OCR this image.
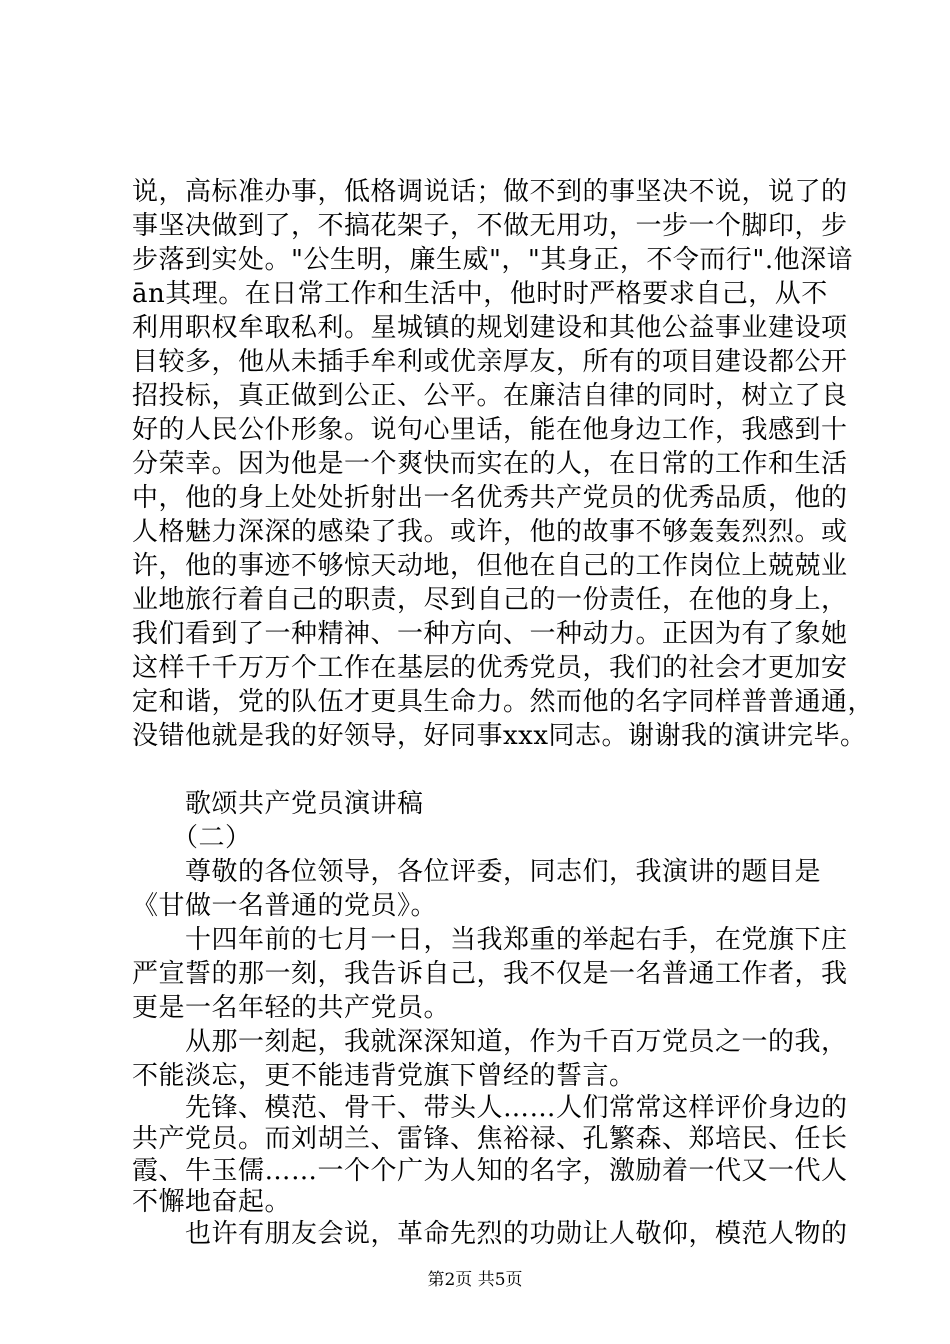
说，高标准办事，低格调说话；做不到的事坚决不说，说了的
事坚决做到了，不搞花架子，不做无用功，一步一个脚印，步
步落到实处。"公生明，廉生威"，"其身正，不令而行".他深谙
ān其理。在日常工作和生活中，他时时严格要求自己，从不
利用职权牟取私利。星城镇的规划建设和其他公益事业建设项
目较多，他从未插手牟利或优亲厚友，所有的项目建设都公开
招投标，真正做到公正、公平。在廉洁自律的同时，树立了良
好的人民公仆形象。说句心里话，能在他身边工作，我感到十
分荣幸。因为他是一个爽快而实在的人，在日常的工作和生活
中，他的身上处处折射出一名优秀共产党员的优秀品质，他的
人格魅力深深的感染了我。或许，他的故事不够轰轰烈烈。或
许，他的事迹不够惊天动地，但他在自己的工作岗位上兢兢业
业地旅行着自己的职责，尽到自己的一份责任，在他的身上，
我们看到了一种精神、一种方向、一种动力。正因为有了象她
这样千千万万个工作在基层的优秀党员，我们的社会才更加安
定和谐，党的队伍才更具生命力。然而他的名字同样普普通通，
没错他就是我的好领导，好同事xxx同志。谢谢我的演讲完毕。
　　歌颂共产党员演讲稿
　　（二）
　　尊敬的各位领导，各位评委，同志们，我演讲的题目是
《甘做一名普通的党员》。
　　十四年前的七月一日，当我郑重的举起右手，在党旗下庄
严宣誓的那一刻，我告诉自己，我不仅是一名普通工作者，我
更是一名年轻的共产党员。
　　从那一刻起，我就深深知道，作为千百万党员之一的我，
不能淡忘，更不能违背党旗下曾经的誓言。
　　先锋、模范、骨干、带头人……人们常常这样评价身边的
共产党员。而刘胡兰、雷锋、焦裕禄、孔繁森、郑培民、任长
霞、牛玉儒……一个个广为人知的名字，激励着一代又一代人
不懈地奋起。
　　也许有朋友会说，革命先烈的功勋让人敬仰，模范人物的
第2页 共5页
